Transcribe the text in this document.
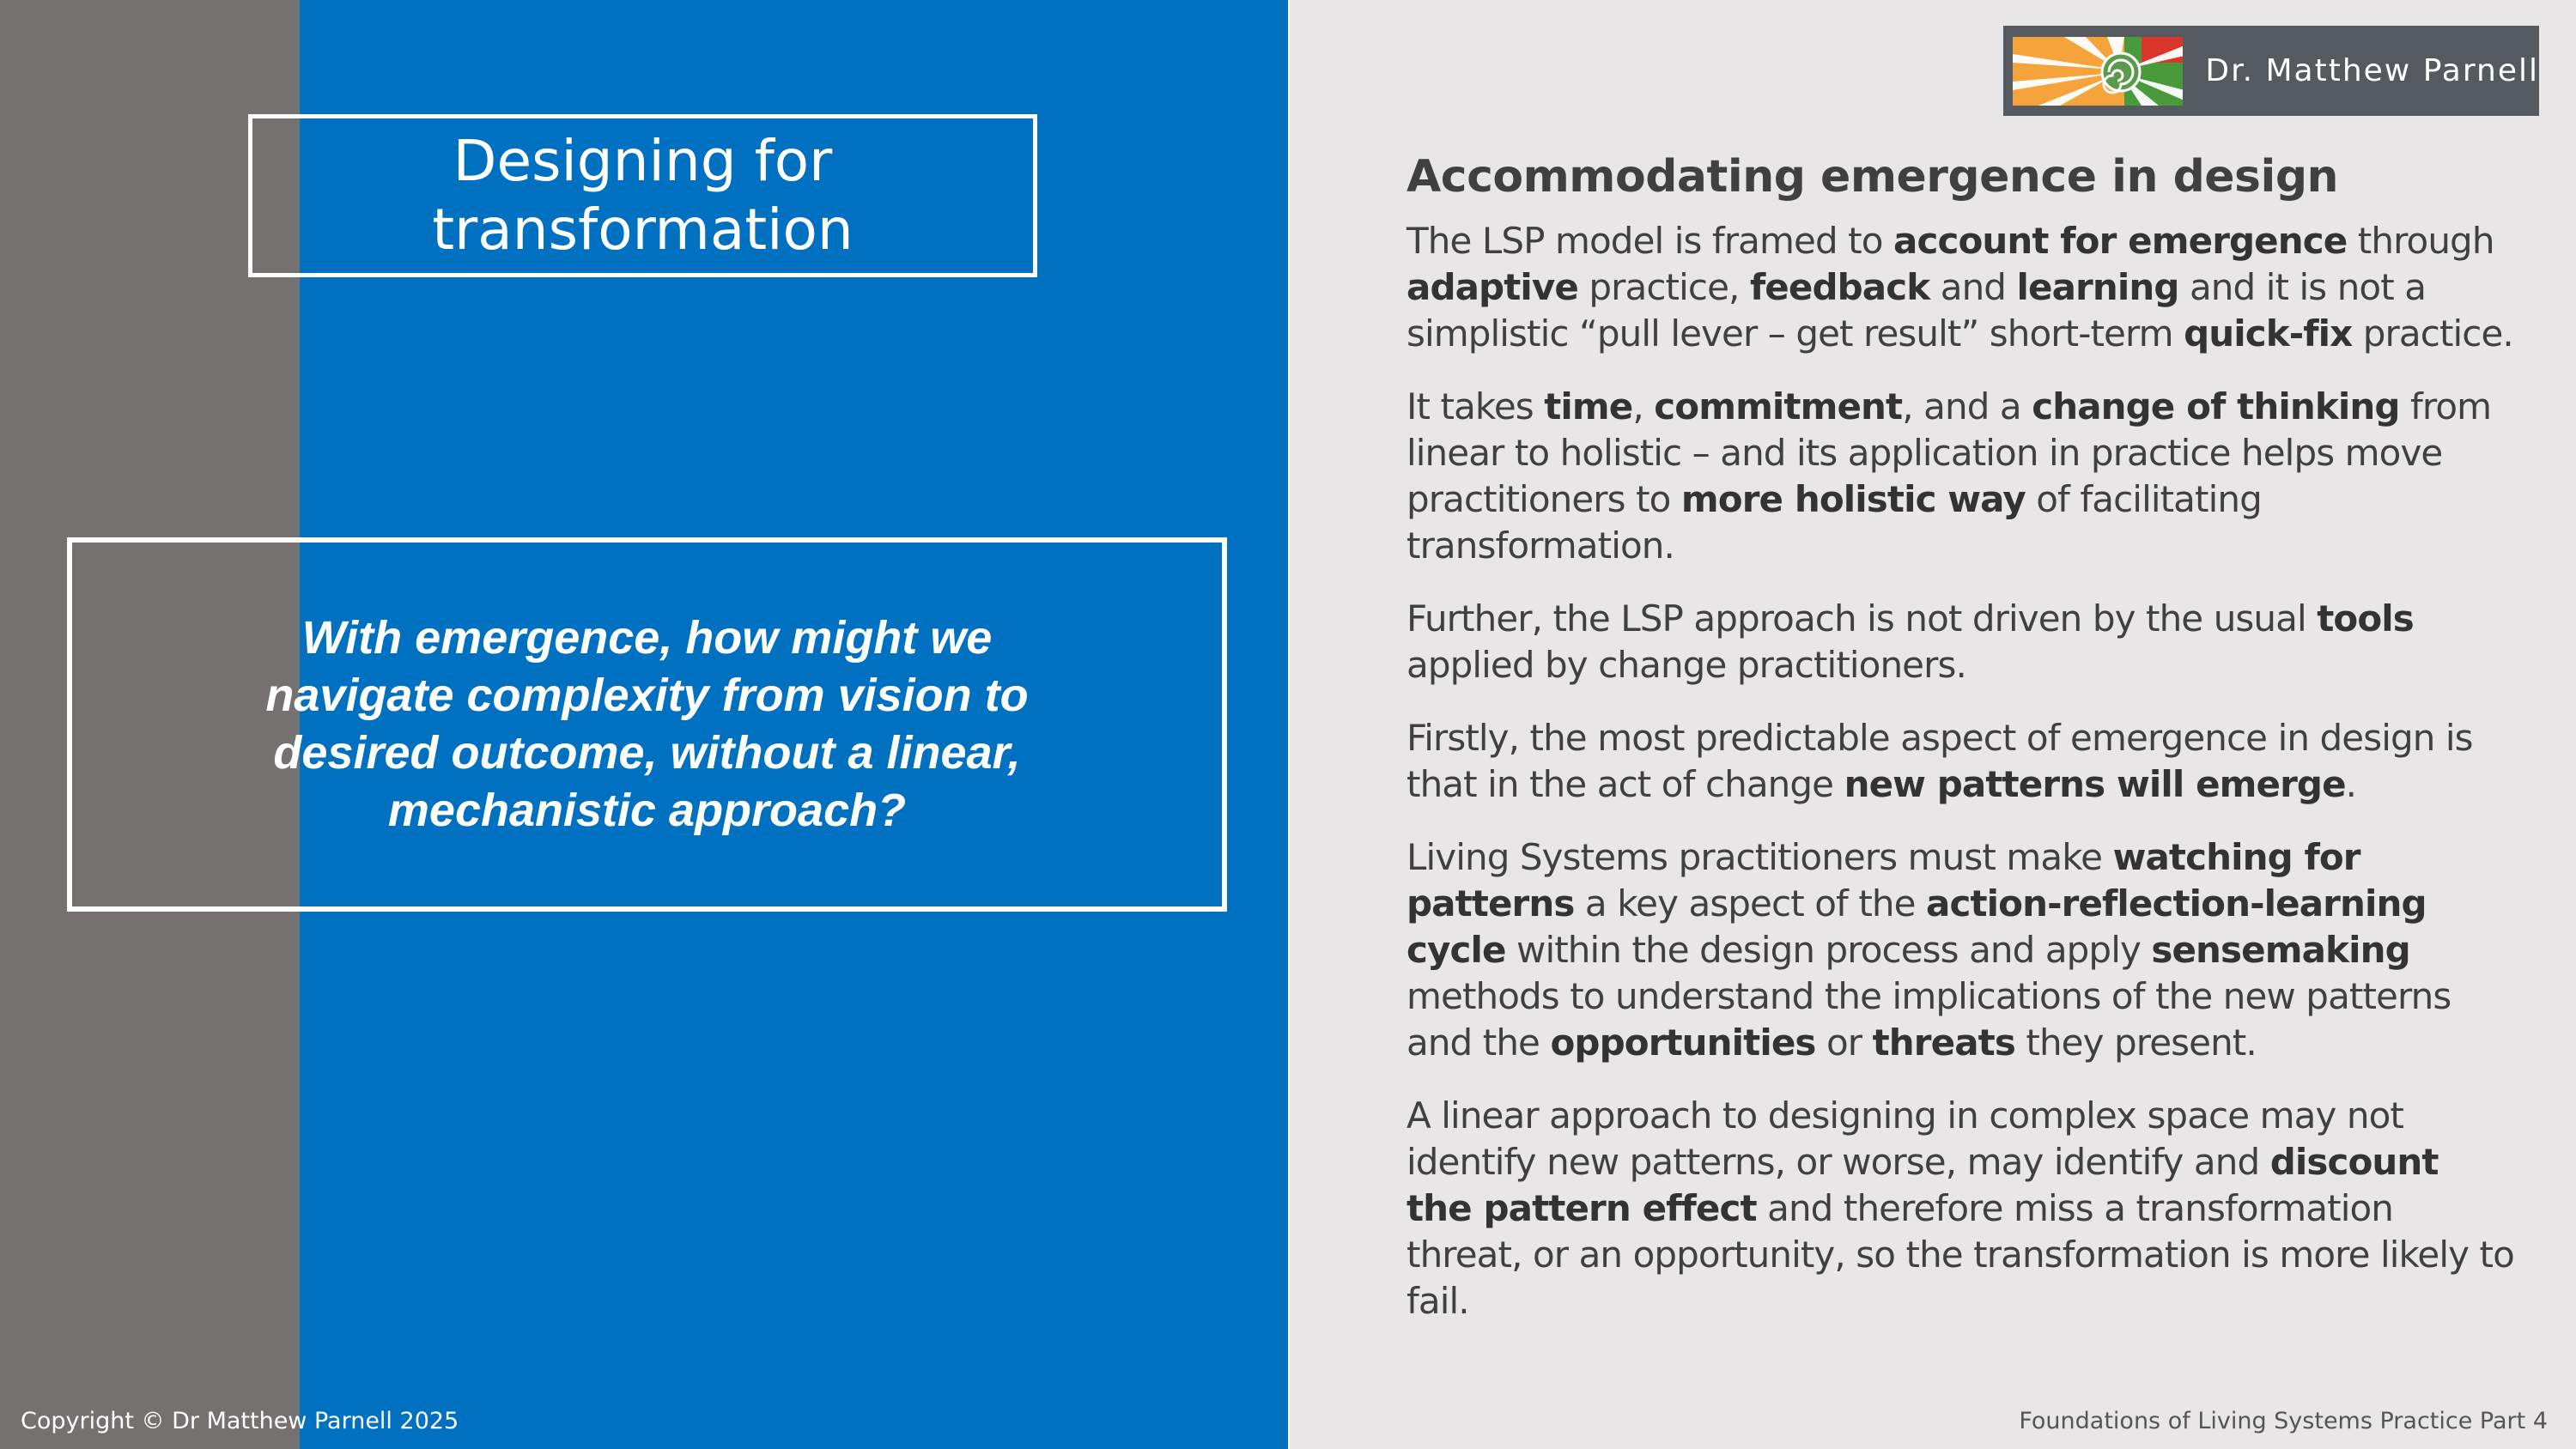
Designing for
transformation
With emergence, how might we
navigate complexity from vision to
desired outcome, without a linear,
mechanistic approach?
Dr. Matthew Parnell
Accommodating emergence in design

The LSP model is framed to account for emergence through adaptive practice, feedback and learning and it is not a simplistic “pull lever – get result” short-term quick-fix practice.

It takes time, commitment, and a change of thinking from linear to holistic – and its application in practice helps move practitioners to more holistic way of facilitating transformation.

Further, the LSP approach is not driven by the usual tools applied by change practitioners.

Firstly, the most predictable aspect of emergence in design is that in the act of change new patterns will emerge.

Living Systems practitioners must make watching for patterns a key aspect of the action-reflection-learning cycle within the design process and apply sensemaking methods to understand the implications of the new patterns and the opportunities or threats they present.

A linear approach to designing in complex space may not identify new patterns, or worse, may identify and discount the pattern effect and therefore miss a transformation threat, or an opportunity, so the transformation is more likely to fail.

Copyright © Dr Matthew Parnell 2025	Foundations of Living Systems Practice Part 4
